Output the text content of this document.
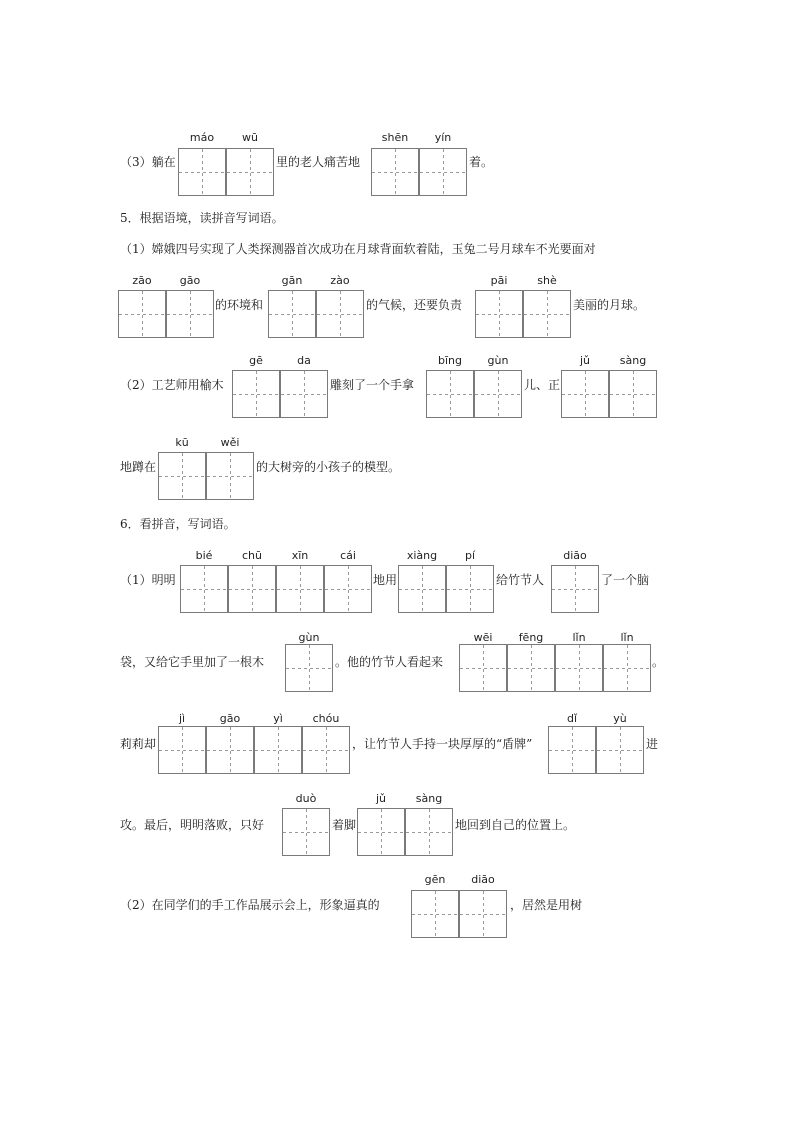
（3）躺在
máo	wū
里的老人痛苦地
shēn	yín
着。
5．根据语境，读拼音写词语。
（1）嫦娥四号实现了人类探测器首次成功在月球背面软着陆，玉兔二号月球车不光要面对
zāo	gāo
的环境和
gān	zào
的气候，还要负责
pāi	shè
美丽的月球。
（2）工艺师用榆木
gē	da
雕刻了一个手拿
bīng	gùn
儿、正
jǔ	sàng
地蹲在
kū	wěi
的大树旁的小孩子的模型。
6．看拼音，写词语。
（1）明明
bié	chū	xīn	cái
地用
xiàng	pí
给竹节人
diāo
了一个脑
袋，又给它手里加了一根木
gùn
。他的竹节人看起来
wēi	fēng	lǐn	lǐn
。
莉莉却
jì	gāo	yì	chóu
，让竹节人手持一块厚厚的“盾牌”
dǐ	yù
进
攻。最后，明明落败，只好
duò
着脚
jǔ	sàng
地回到自己的位置上。
（2）在同学们的手工作品展示会上，形象逼真的
gēn	diāo
，居然是用树
